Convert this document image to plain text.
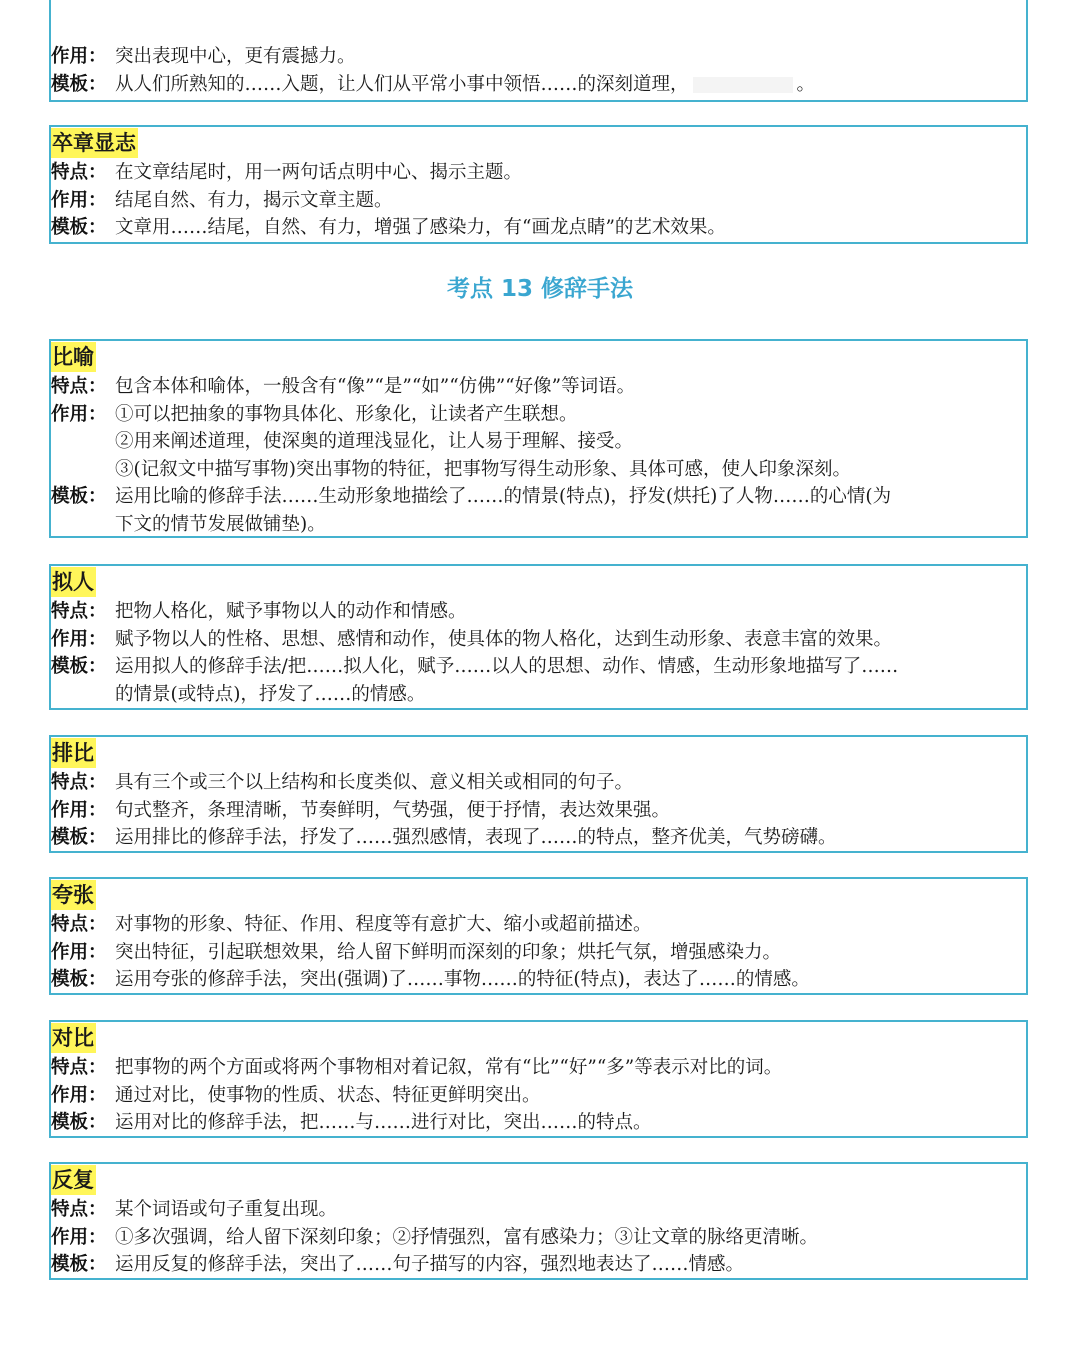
作用： 突出表现中心，更有震撼力。
模板： 从人们所熟知的……入题，让人们从平常小事中领悟……的深刻道理，	。
卒章显志
特点： 在文章结尾时，用一两句话点明中心、揭示主题。
作用： 结尾自然、有力，揭示文章主题。
模板： 文章用……结尾，自然、有力，增强了感染力，有“画龙点睛”的艺术效果。
考点 13 修辞手法
比喻
特点： 包含本体和喻体，一般含有“像”“是”“如”“仿佛”“好像”等词语。
作用： ①可以把抽象的事物具体化、形象化，让读者产生联想。
②用来阐述道理，使深奥的道理浅显化，让人易于理解、接受。
③(记叙文中描写事物)突出事物的特征，把事物写得生动形象、具体可感，使人印象深刻。
模板： 运用比喻的修辞手法……生动形象地描绘了……的情景(特点)，抒发(烘托)了人物……的心情(为
下文的情节发展做铺垫)。
拟人
特点： 把物人格化，赋予事物以人的动作和情感。
作用： 赋予物以人的性格、思想、感情和动作，使具体的物人格化，达到生动形象、表意丰富的效果。
模板： 运用拟人的修辞手法/把……拟人化，赋予……以人的思想、动作、情感，生动形象地描写了……
的情景(或特点)，抒发了……的情感。
排比
特点： 具有三个或三个以上结构和长度类似、意义相关或相同的句子。
作用： 句式整齐，条理清晰，节奏鲜明，气势强，便于抒情，表达效果强。
模板： 运用排比的修辞手法，抒发了……强烈感情，表现了……的特点，整齐优美，气势磅礴。
夸张
特点： 对事物的形象、特征、作用、程度等有意扩大、缩小或超前描述。
作用： 突出特征，引起联想效果，给人留下鲜明而深刻的印象；烘托气氛，增强感染力。
模板： 运用夸张的修辞手法，突出(强调)了……事物……的特征(特点)，表达了……的情感。
对比
特点： 把事物的两个方面或将两个事物相对着记叙，常有“比”“好”“多”等表示对比的词。
作用： 通过对比，使事物的性质、状态、特征更鲜明突出。
模板： 运用对比的修辞手法，把……与……进行对比，突出……的特点。
反复
特点： 某个词语或句子重复出现。
作用： ①多次强调，给人留下深刻印象；②抒情强烈，富有感染力；③让文章的脉络更清晰。
模板： 运用反复的修辞手法，突出了……句子描写的内容，强烈地表达了……情感。
